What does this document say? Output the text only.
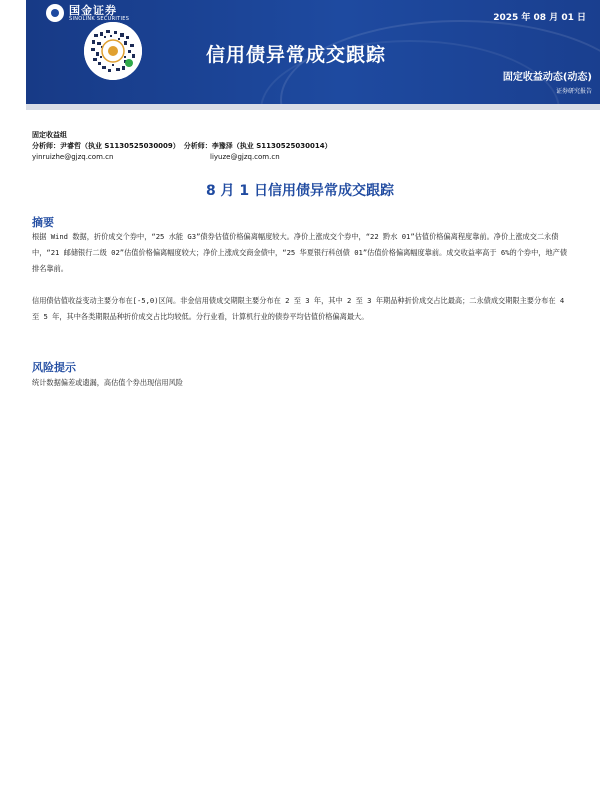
国金证券
SINOLINK SECURITIES	2025 年 08 月 01 日
信用债异常成交跟踪
固定收益动态(动态)
证券研究报告
固定收益组
分析师：尹睿哲（执业 S1130525030009） 分析师：李豫泽（执业 S1130525030014）
yinruizhe@gjzq.com.cn	liyuze@gjzq.com.cn
8 月 1 日信用债异常成交跟踪
摘要
根据 Wind 数据，折价成交个券中，“25 水能 G3”债券估值价格偏离幅度较大。净价上涨成交个券中，“22 黔水 01”估值价格偏离程度靠前。净价上涨成交二永债中，“21 邮储银行二级 02”估值价格偏离幅度较大；净价上涨成交商金债中，“25 华夏银行科创债 01”估值价格偏离幅度靠前。成交收益率高于 6%的个券中，地产债排名靠前。
信用债估值收益变动主要分布在[-5,0)区间。非金信用债成交期限主要分布在 2 至 3 年，其中 2 至 3 年期品种折价成交占比最高；二永债成交期限主要分布在 4 至 5 年，其中各类期限品种折价成交占比均较低。分行业看，计算机行业的债券平均估值价格偏离最大。
风险提示
统计数据偏差或遗漏，高估值个券出现信用风险
